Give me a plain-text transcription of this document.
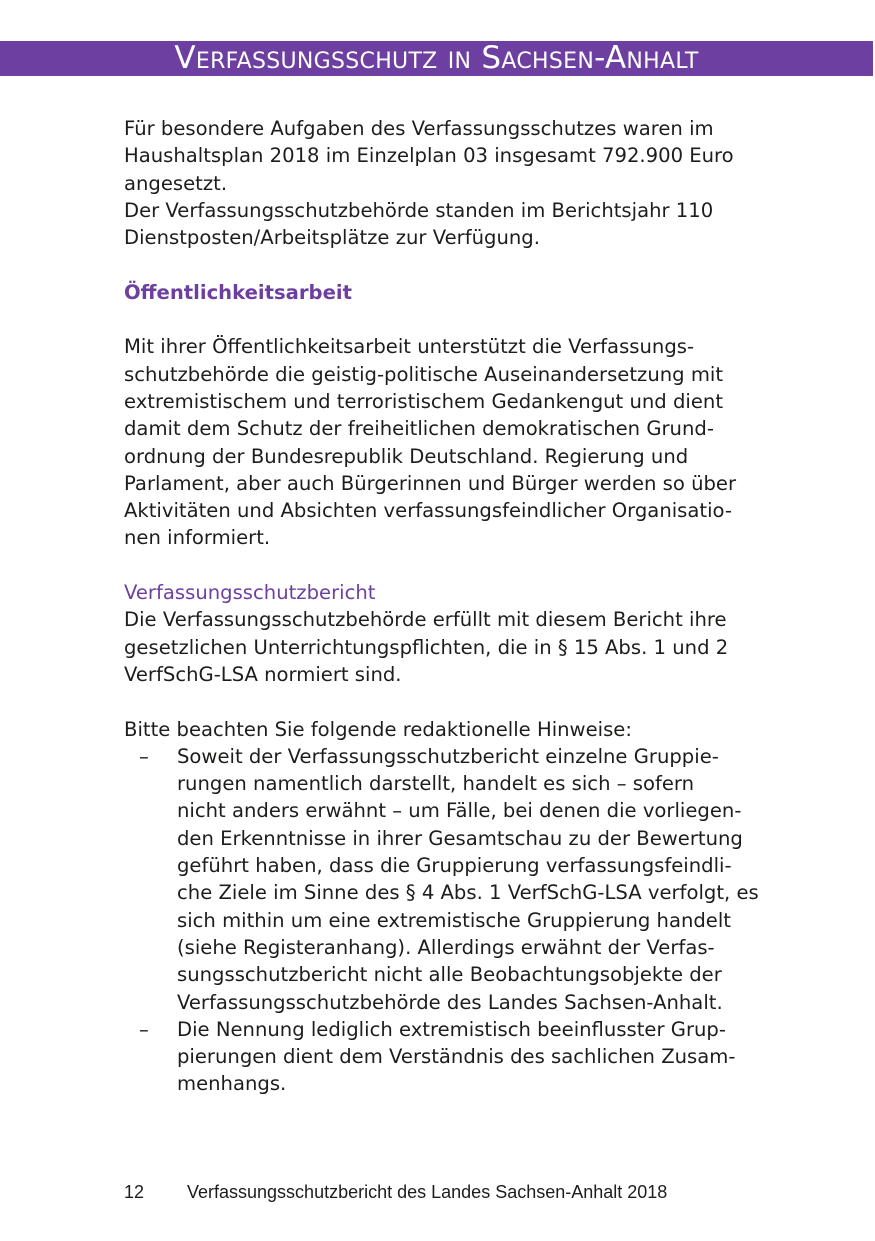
Verfassungsschutz in Sachsen-Anhalt

Für besondere Aufgaben des Verfassungsschutzes waren im

Haushaltsplan 2018 im Einzelplan 03 insgesamt 792.900 Euro

angesetzt.

Der Verfassungsschutzbehörde standen im Berichtsjahr 110

Dienstposten/Arbeitsplätze zur Verfügung.

Öffentlichkeitsarbeit

Mit ihrer Öffentlichkeitsarbeit unterstützt die Verfassungs-

schutzbehörde die geistig-politische Auseinandersetzung mit

extremistischem und terroristischem Gedankengut und dient

damit dem Schutz der freiheitlichen demokratischen Grund-

ordnung der Bundesrepublik Deutschland. Regierung und

Parlament, aber auch Bürgerinnen und Bürger werden so über

Aktivitäten und Absichten verfassungsfeindlicher Organisatio-

nen informiert.

Verfassungsschutzbericht

Die Verfassungsschutzbehörde erfüllt mit diesem Bericht ihre

gesetzlichen Unterrichtungspflichten, die in § 15 Abs. 1 und 2

VerfSchG-LSA normiert sind.

Bitte beachten Sie folgende redaktionelle Hinweise:

– Soweit der Verfassungsschutzbericht einzelne Gruppie-

rungen namentlich darstellt, handelt es sich – sofern

nicht anders erwähnt – um Fälle, bei denen die vorliegen-

den Erkenntnisse in ihrer Gesamtschau zu der Bewertung

geführt haben, dass die Gruppierung verfassungsfeindli-

che Ziele im Sinne des § 4 Abs. 1 VerfSchG-LSA verfolgt, es

sich mithin um eine extremistische Gruppierung handelt

(siehe Registeranhang). Allerdings erwähnt der Verfas-

sungsschutzbericht nicht alle Beobachtungsobjekte der

Verfassungsschutzbehörde des Landes Sachsen-Anhalt.

– Die Nennung lediglich extremistisch beeinflusster Grup-

pierungen dient dem Verständnis des sachlichen Zusam-

menhangs.

12 Verfassungsschutzbericht des Landes Sachsen-Anhalt 2018
